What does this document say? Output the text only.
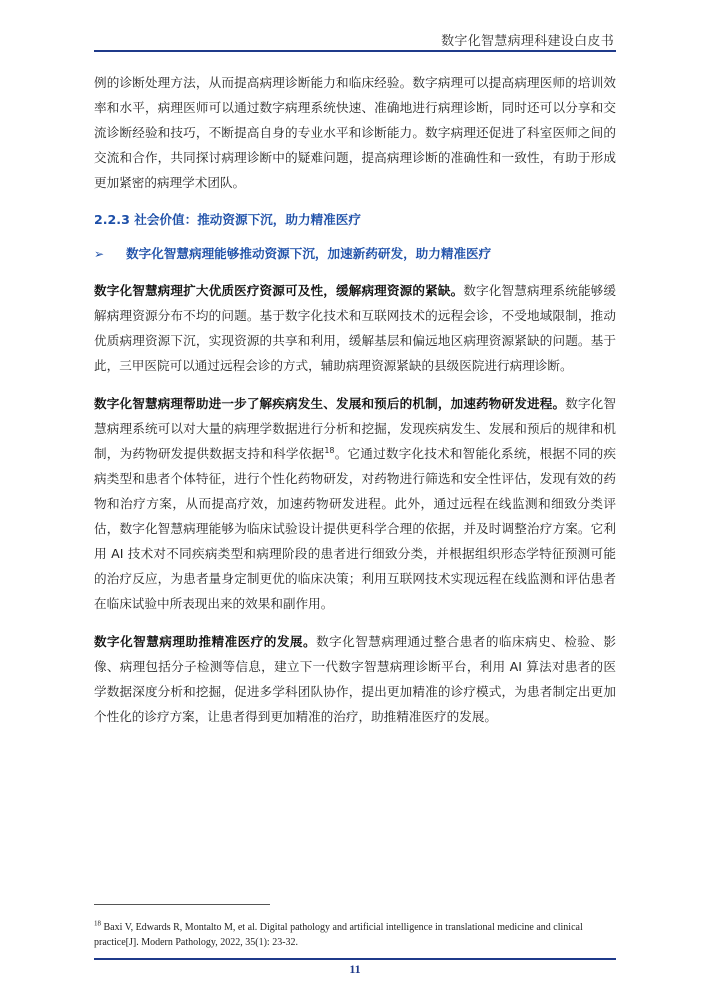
数字化智慧病理科建设白皮书

例的诊断处理方法，从而提高病理诊断能力和临床经验。数字病理可以提高病理医师的培训效率和水平，病理医师可以通过数字病理系统快速、准确地进行病理诊断，同时还可以分享和交流诊断经验和技巧，不断提高自身的专业水平和诊断能力。数字病理还促进了科室医师之间的交流和合作，共同探讨病理诊断中的疑难问题，提高病理诊断的准确性和一致性，有助于形成更加紧密的病理学术团队。

2.2.3 社会价值：推动资源下沉，助力精准医疗
➢	数字化智慧病理能够推动资源下沉，加速新药研发，助力精准医疗

数字化智慧病理扩大优质医疗资源可及性，缓解病理资源的紧缺。数字化智慧病理系统能够缓解病理资源分布不均的问题。基于数字化技术和互联网技术的远程会诊，不受地域限制，推动优质病理资源下沉，实现资源的共享和利用，缓解基层和偏远地区病理资源紧缺的问题。基于此，三甲医院可以通过远程会诊的方式，辅助病理资源紧缺的县级医院进行病理诊断。

数字化智慧病理帮助进一步了解疾病发生、发展和预后的机制，加速药物研发进程。数字化智慧病理系统可以对大量的病理学数据进行分析和挖掘，发现疾病发生、发展和预后的规律和机制，为药物研发提供数据支持和科学依据$^{18}$。它通过数字化技术和智能化系统，根据不同的疾病类型和患者个体特征，进行个性化药物研发，对药物进行筛选和安全性评估，发现有效的药物和治疗方案，从而提高疗效，加速药物研发进程。此外，通过远程在线监测和细致分类评估，数字化智慧病理能够为临床试验设计提供更科学合理的依据，并及时调整治疗方案。它利用 AI 技术对不同疾病类型和病理阶段的患者进行细致分类，并根据组织形态学特征预测可能的治疗反应，为患者量身定制更优的临床决策；利用互联网技术实现远程在线监测和评估患者在临床试验中所表现出来的效果和副作用。

数字化智慧病理助推精准医疗的发展。数字化智慧病理通过整合患者的临床病史、检验、影像、病理包括分子检测等信息，建立下一代数字智慧病理诊断平台，利用 AI 算法对患者的医学数据深度分析和挖掘，促进多学科团队协作，提出更加精准的诊疗模式，为患者制定出更加个性化的诊疗方案，让患者得到更加精准的治疗，助推精准医疗的发展。

$^{18}$ Baxi V, Edwards R, Montalto M, et al. Digital pathology and artificial intelligence in translational medicine and clinical practice[J]. Modern Pathology, 2022, 35(1): 23-32.
11
